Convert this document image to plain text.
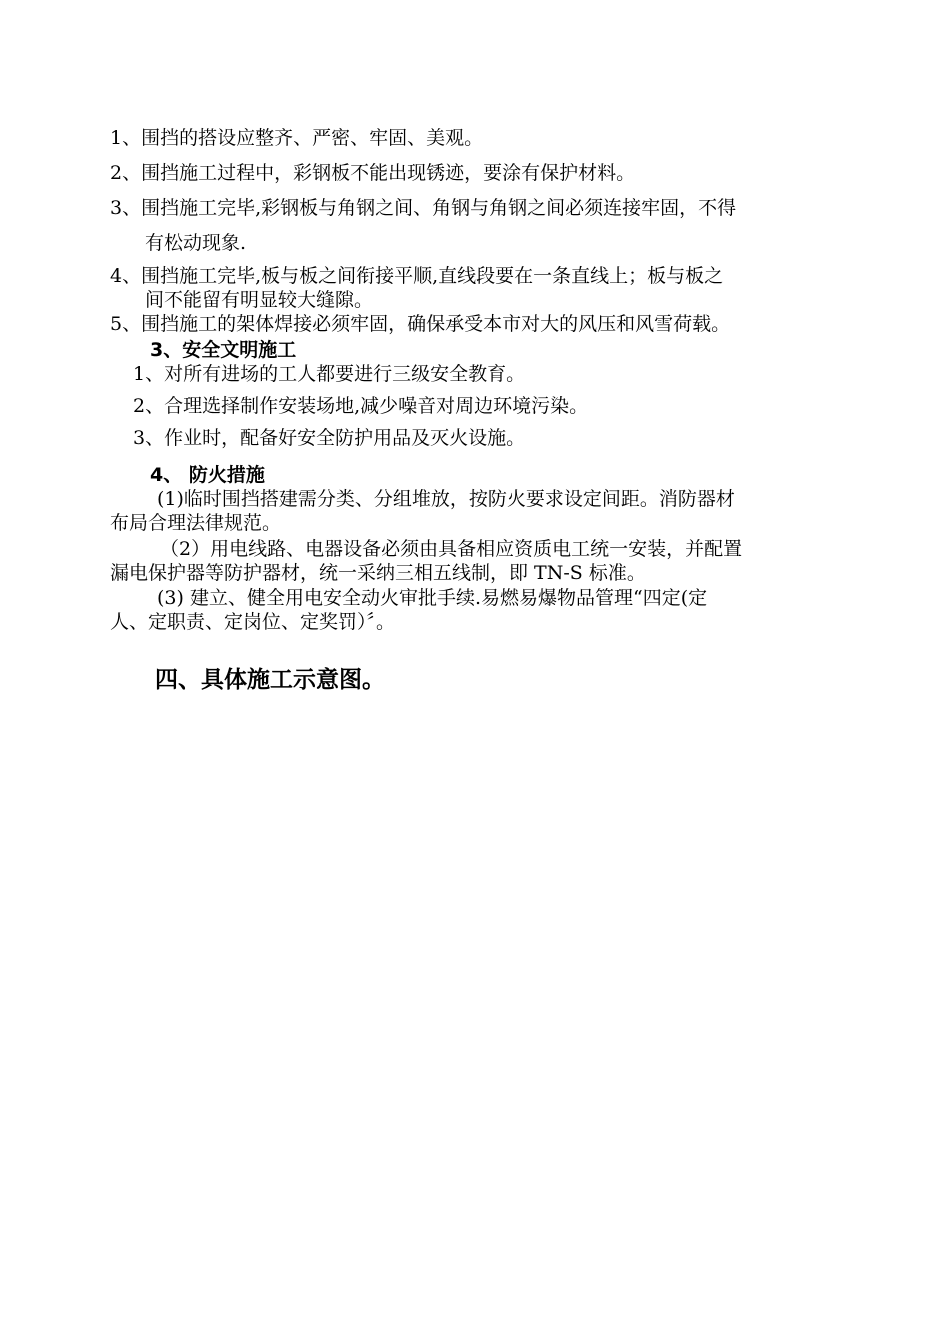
1、围挡的搭设应整齐、严密、牢固、美观。
2、围挡施工过程中，彩钢板不能出现锈迹，要涂有保护材料。
3、围挡施工完毕,彩钢板与角钢之间、角钢与角钢之间必须连接牢固，不得
有松动现象.
4、围挡施工完毕,板与板之间衔接平顺,直线段要在一条直线上；板与板之
间不能留有明显较大缝隙。
5、围挡施工的架体焊接必须牢固，确保承受本市对大的风压和风雪荷载。
3、安全文明施工
1、对所有进场的工人都要进行三级安全教育。
2、合理选择制作安装场地,减少噪音对周边环境污染。
3、作业时，配备好安全防护用品及灭火设施。
4、 防火措施
(1)临时围挡搭建需分类、分组堆放，按防火要求设定间距。消防器材
布局合理法律规范。
（2）用电线路、电器设备必须由具备相应资质电工统一安装，并配置
漏电保护器等防护器材，统一采纳三相五线制，即 TN-S 标准。
(3) 建立、健全用电安全动火审批手续.易燃易爆物品管理“四定(定
人、定职责、定岗位、定奖罚）〞。
四、具体施工示意图。
